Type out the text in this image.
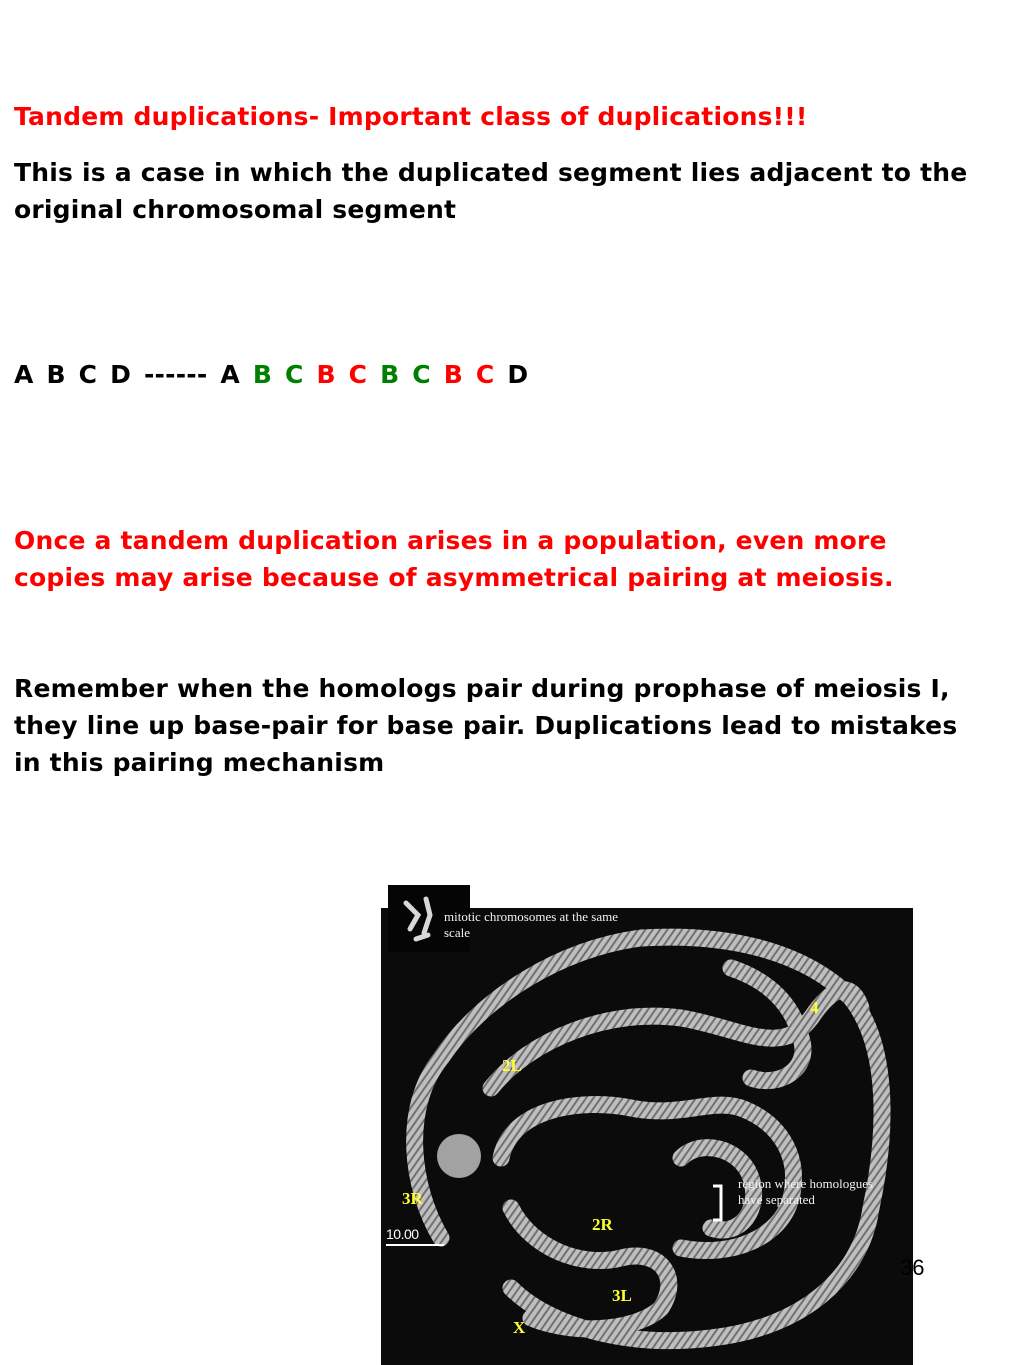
Tandem duplications- Important class of duplications!!!

This is a case in which the duplicated segment lies adjacent to the original chromosomal segment

A B C D ------ A B C B C B C B C D

Once a tandem duplication arises in a population, even more copies may arise because of asymmetrical pairing at meiosis.

Remember when the homologs pair during prophase of meiosis I, they line up base-pair for base pair. Duplications lead to mistakes in this pairing mechanism

mitotic chromosomes at the same scale
region where homologues have separated
4
2L
3R
2R
3L
X
10.00
36
